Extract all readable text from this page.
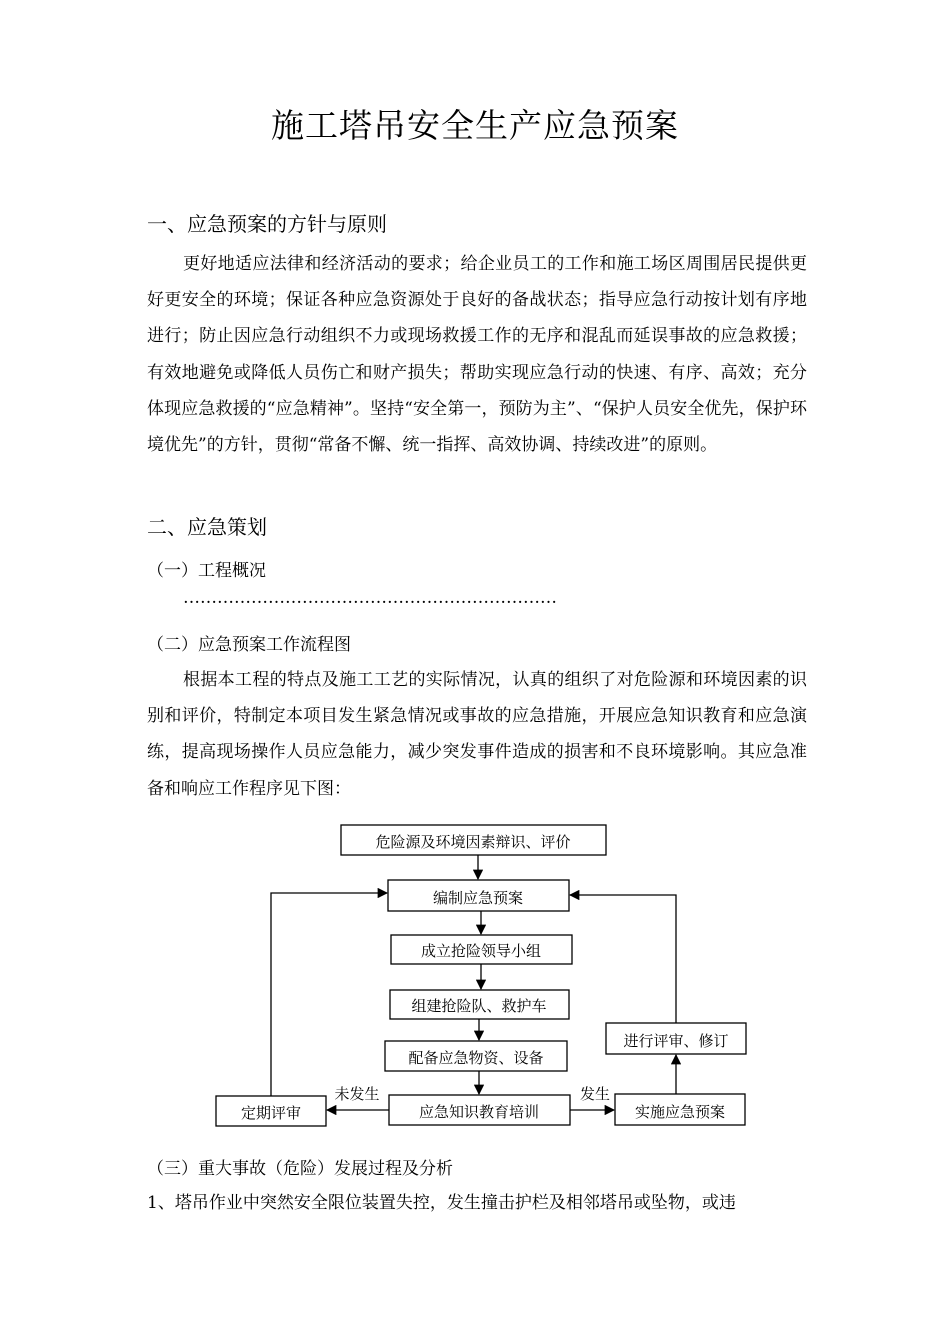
施工塔吊安全生产应急预案
一、应急预案的方针与原则

更好地适应法律和经济活动的要求；给企业员工的工作和施工场区周围居民提供更好更安全的环境；保证各种应急资源处于良好的备战状态；指导应急行动按计划有序地进行；防止因应急行动组织不力或现场救援工作的无序和混乱而延误事故的应急救援；有效地避免或降低人员伤亡和财产损失；帮助实现应急行动的快速、有序、高效；充分体现应急救援的“应急精神”。坚持“安全第一，预防为主”、“保护人员安全优先，保护环境优先”的方针，贯彻“常备不懈、统一指挥、高效协调、持续改进”的原则。

二、应急策划
（一）工程概况
…………………………………………………………
（二）应急预案工作流程图

根据本工程的特点及施工工艺的实际情况，认真的组织了对危险源和环境因素的识别和评价，特制定本项目发生紧急情况或事故的应急措施，开展应急知识教育和应急演练，提高现场操作人员应急能力，减少突发事件造成的损害和不良环境影响。其应急准备和响应工作程序见下图：

危险源及环境因素辩识、评价
编制应急预案
成立抢险领导小组
组建抢险队、救护车
配备应急物资、设备
应急知识教育培训
定期评审	实施应急预案
进行评审、修订
未发生	发生
（三）重大事故（危险）发展过程及分析
1、塔吊作业中突然安全限位装置失控，发生撞击护栏及相邻塔吊或坠物，或违
